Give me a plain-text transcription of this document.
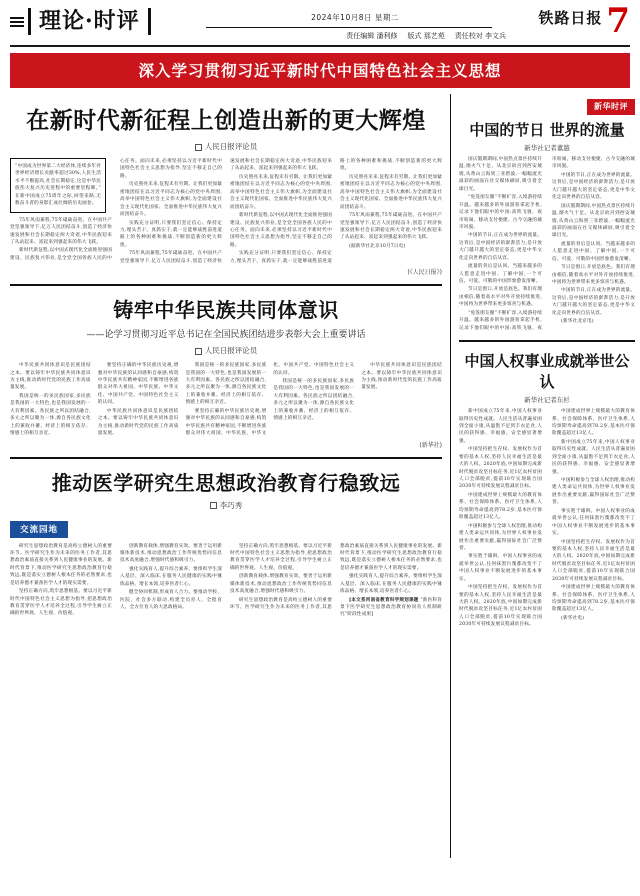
理论·时评	2024年10月8日 星期二
责任编辑 潘利修 版式 那艺苑 责任校对 李文兵
铁路日报 7
深入学习贯彻习近平新时代中国特色社会主义思想
在新时代新征程上创造出新的更大辉煌
人民日报评论员
“中国成为世界第二大经济体,连续多年对世界经济增长贡献率超过30%,人民生活水平不断提高,社会长期稳定,这是中华民族伟大复兴历史进程中的重要里程碑。”在新中国成立75周年之际,回望来路,无数奋斗者的身影汇成壮阔的历史画卷。

75年风雨兼程,75年砥砺奋进。在中国共产党坚强领导下,亿万人民团结奋斗,创造了经济快速发展和社会长期稳定两大奇迹,中华民族迎来了从站起来、富起来到强起来的伟大飞跃。

新时代新征程,以中国式现代化全面推进强国建设、民族复兴伟业,是全党全国各族人民的中心任务。面向未来,必须坚持以习近平新时代中国特色社会主义思想为指导,坚定不移走自己的路。

历史照亮未来,征程未有穷期。让我们更加紧密地团结在以习近平同志为核心的党中央周围,高举中国特色社会主义伟大旗帜,为全面建设社会主义现代化国家、全面推进中华民族伟大复兴而团结奋斗。

实践充分证明,只要我们坚定信心、保持定力,埋头苦干、真抓实干,就一定能够战胜前进道路上的各种困难和挑战,不断创造新的更大辉煌。

75年风雨兼程,75年砥砺奋进。在中国共产党坚强领导下,亿万人民团结奋斗,创造了经济快速发展和社会长期稳定两大奇迹,中华民族迎来了从站起来、富起来到强起来的伟大飞跃。

历史照亮未来,征程未有穷期。让我们更加紧密地团结在以习近平同志为核心的党中央周围,高举中国特色社会主义伟大旗帜,为全面建设社会主义现代化国家、全面推进中华民族伟大复兴而团结奋斗。

新时代新征程,以中国式现代化全面推进强国建设、民族复兴伟业,是全党全国各族人民的中心任务。面向未来,必须坚持以习近平新时代中国特色社会主义思想为指导,坚定不移走自己的路。

实践充分证明,只要我们坚定信心、保持定力,埋头苦干、真抓实干,就一定能够战胜前进道路上的各种困难和挑战,不断创造新的更大辉煌。

历史照亮未来,征程未有穷期。让我们更加紧密地团结在以习近平同志为核心的党中央周围,高举中国特色社会主义伟大旗帜,为全面建设社会主义现代化国家、全面推进中华民族伟大复兴而团结奋斗。

75年风雨兼程,75年砥砺奋进。在中国共产党坚强领导下,亿万人民团结奋斗,创造了经济快速发展和社会长期稳定两大奇迹,中华民族迎来了从站起来、富起来到强起来的伟大飞跃。

(据新华社北京10月7日电)

(《人民日报》)
铸牢中华民族共同体意识
——论学习贯彻习近平总书记在全国民族团结进步表彰大会上重要讲话
人民日报评论员

中华民族共同体意识是民族团结之本。要以铸牢中华民族共同体意识为主线,推动新时代党的民族工作高质量发展。

我国是统一的多民族国家,多民族是我国的一大特色,也是我国发展的一大有利因素。各民族之所以团结融合,多元之所以聚为一体,源自各民族文化上的兼收并蓄、经济上的相互依存、情感上的相互亲近。

要坚持正确的中华民族历史观,增强对中华民族的认同感和自豪感,构筑中华民族共有精神家园,不断增进各族群众对伟大祖国、中华民族、中华文化、中国共产党、中国特色社会主义的认同。

中华民族共同体意识是民族团结之本。要以铸牢中华民族共同体意识为主线,推动新时代党的民族工作高质量发展。

我国是统一的多民族国家,多民族是我国的一大特色,也是我国发展的一大有利因素。各民族之所以团结融合,多元之所以聚为一体,源自各民族文化上的兼收并蓄、经济上的相互依存、情感上的相互亲近。

要坚持正确的中华民族历史观,增强对中华民族的认同感和自豪感,构筑中华民族共有精神家园,不断增进各族群众对伟大祖国、中华民族、中华文化、中国共产党、中国特色社会主义的认同。

我国是统一的多民族国家,多民族是我国的一大特色,也是我国发展的一大有利因素。各民族之所以团结融合,多元之所以聚为一体,源自各民族文化上的兼收并蓄、经济上的相互依存、情感上的相互亲近。

中华民族共同体意识是民族团结之本。要以铸牢中华民族共同体意识为主线,推动新时代党的民族工作高质量发展。

(新华社)
推动医学研究生思想政治教育行稳致远
李巧秀
交流园地

研究生思想政治教育是高校立德树人的重要环节。医学研究生作为未来的医务工作者,其思想政治素质直接关系到人民健康事业的发展。新时代背景下,推动医学研究生思想政治教育行稳致远,既是落实立德树人根本任务的必然要求,也是培养德才兼备医学人才的现实需要。

坚持正确方向,筑牢思想根基。要以习近平新时代中国特色社会主义思想为指导,把思想政治教育贯穿医学人才培养全过程,引导学生树立正确的世界观、人生观、价值观。

创新教育载体,增强教育实效。要善于运用新媒体新技术,推动思想政治工作传统优势同信息技术高度融合,增强时代感和吸引力。

强化实践育人,提升综合素养。要组织学生深入基层、深入临床,在服务人民健康的实践中锤炼品格、增长本领,培养医者仁心。

健全协同机制,形成育人合力。要推动学校、医院、社会多方联动,构建全员育人、全程育人、全方位育人的大思政格局。

坚持正确方向,筑牢思想根基。要以习近平新时代中国特色社会主义思想为指导,把思想政治教育贯穿医学人才培养全过程,引导学生树立正确的世界观、人生观、价值观。

创新教育载体,增强教育实效。要善于运用新媒体新技术,推动思想政治工作传统优势同信息技术高度融合,增强时代感和吸引力。

研究生思想政治教育是高校立德树人的重要环节。医学研究生作为未来的医务工作者,其思想政治素质直接关系到人民健康事业的发展。新时代背景下,推动医学研究生思想政治教育行稳致远,既是落实立德树人根本任务的必然要求,也是培养德才兼备医学人才的现实需要。

强化实践育人,提升综合素养。要组织学生深入基层、深入临床,在服务人民健康的实践中锤炼品格、增长本领,培养医者仁心。

[本文系河南省教育科学规划课题 “新医科背景下医学研究生思想政治教育协同育人机制研究”阶段性成果]

新华时评
中国的节日 世界的流量
新华社记者董越

国庆假期期间,中国热点景区持续升温,烟火气十足。从北京故宫到西安城墙,从黄山云海到三亚碧波,一幅幅流光溢彩的画面在社交媒体刷屏,吸引着全球目光。

“免签朋友圈”不断扩容,入境游持续升温。越来越多的外国游客拿起手机,记录下他们眼中的中国:高铁飞驰、夜市喧闹、移动支付便捷、古今交融的城市风貌。

中国的节日,正在成为世界的流量。这背后,是中国经济的澎湃活力,是开放大门越开越大的坚定姿态,更是中华文化走向世界的自信从容。

流量的背后是认同。当越来越多的人愿意走进中国、了解中国,一个可信、可爱、可敬的中国形象愈发清晰。

节日是窗口,开放是底色。我们有理由相信,随着高水平对外开放持续推进,中国将为世界带来更多惊喜与机遇。

“免签朋友圈”不断扩容,入境游持续升温。越来越多的外国游客拿起手机,记录下他们眼中的中国:高铁飞驰、夜市喧闹、移动支付便捷、古今交融的城市风貌。

中国的节日,正在成为世界的流量。这背后,是中国经济的澎湃活力,是开放大门越开越大的坚定姿态,更是中华文化走向世界的自信从容。

国庆假期期间,中国热点景区持续升温,烟火气十足。从北京故宫到西安城墙,从黄山云海到三亚碧波,一幅幅流光溢彩的画面在社交媒体刷屏,吸引着全球目光。

流量的背后是认同。当越来越多的人愿意走进中国、了解中国,一个可信、可爱、可敬的中国形象愈发清晰。

节日是窗口,开放是底色。我们有理由相信,随着高水平对外开放持续推进,中国将为世界带来更多惊喜与机遇。

中国的节日,正在成为世界的流量。这背后,是中国经济的澎湃活力,是开放大门越开越大的坚定姿态,更是中华文化走向世界的自信从容。

(新华社北京电)

中国人权事业成就举世公认
新华社记者东杉

新中国成立75年来,中国人权事业取得历史性成就。人民生活从普遍贫困到全面小康,从温饱不足到丰衣足食,人民的获得感、幸福感、安全感显著增强。

中国坚持把生存权、发展权作为首要的基本人权,坚持人民幸福生活是最大的人权。2020年底,中国如期完成新时代脱贫攻坚目标任务,近1亿农村贫困人口全部脱贫,提前10年实现联合国2030年可持续发展议程减贫目标。

中国建成世界上规模最大的教育体系、社会保障体系、医疗卫生体系,人均预期寿命提高到78.2岁,基本医疗保险覆盖超过13亿人。

中国积极参与全球人权治理,推动构建人类命运共同体,为世界人权事业发展作出重要贡献,赢得国际社会广泛赞誉。

事实胜于雄辩。中国人权事业的成就举世公认,任何抹黑污蔑都改变不了中国人权事业不断发展进步的基本事实。

中国坚持把生存权、发展权作为首要的基本人权,坚持人民幸福生活是最大的人权。2020年底,中国如期完成新时代脱贫攻坚目标任务,近1亿农村贫困人口全部脱贫,提前10年实现联合国2030年可持续发展议程减贫目标。

中国建成世界上规模最大的教育体系、社会保障体系、医疗卫生体系,人均预期寿命提高到78.2岁,基本医疗保险覆盖超过13亿人。

新中国成立75年来,中国人权事业取得历史性成就。人民生活从普遍贫困到全面小康,从温饱不足到丰衣足食,人民的获得感、幸福感、安全感显著增强。

中国积极参与全球人权治理,推动构建人类命运共同体,为世界人权事业发展作出重要贡献,赢得国际社会广泛赞誉。

事实胜于雄辩。中国人权事业的成就举世公认,任何抹黑污蔑都改变不了中国人权事业不断发展进步的基本事实。

中国坚持把生存权、发展权作为首要的基本人权,坚持人民幸福生活是最大的人权。2020年底,中国如期完成新时代脱贫攻坚目标任务,近1亿农村贫困人口全部脱贫,提前10年实现联合国2030年可持续发展议程减贫目标。

中国建成世界上规模最大的教育体系、社会保障体系、医疗卫生体系,人均预期寿命提高到78.2岁,基本医疗保险覆盖超过13亿人。

(新华社电)
